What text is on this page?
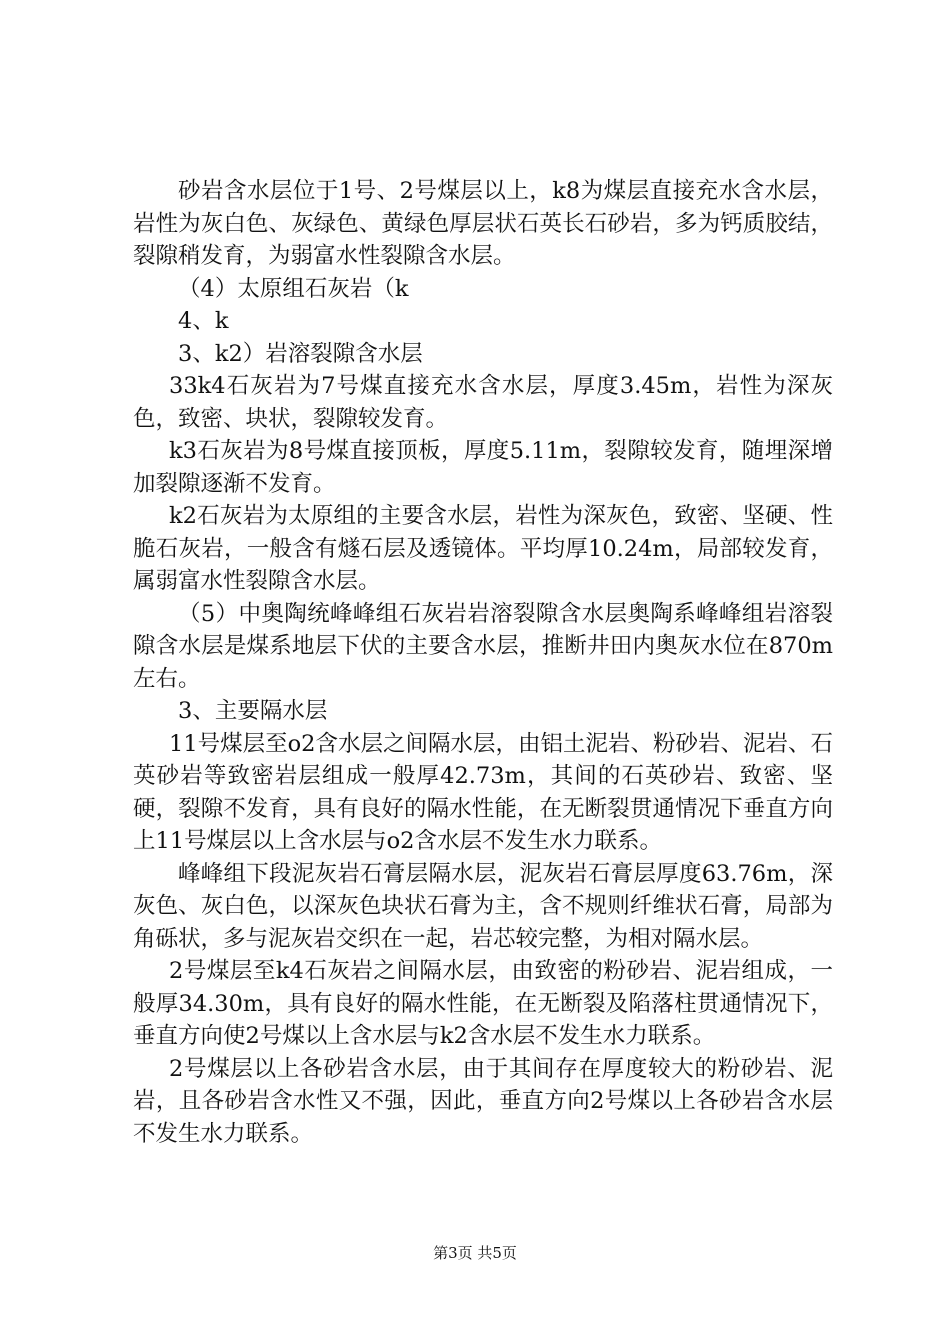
砂岩含水层位于1号、2号煤层以上，k8为煤层直接充水含水层，岩性为灰白色、灰绿色、黄绿色厚层状石英长石砂岩，多为钙质胶结，裂隙稍发育，为弱富水性裂隙含水层。

（4）太原组石灰岩（k

4、k

3、k2）岩溶裂隙含水层

33k4石灰岩为7号煤直接充水含水层，厚度3.45m，岩性为深灰色，致密、块状，裂隙较发育。

k3石灰岩为8号煤直接顶板，厚度5.11m，裂隙较发育，随埋深增加裂隙逐渐不发育。

k2石灰岩为太原组的主要含水层，岩性为深灰色，致密、坚硬、性脆石灰岩，一般含有燧石层及透镜体。平均厚10.24m，局部较发育，属弱富水性裂隙含水层。

（5）中奥陶统峰峰组石灰岩岩溶裂隙含水层奥陶系峰峰组岩溶裂隙含水层是煤系地层下伏的主要含水层，推断井田内奥灰水位在870m左右。

3、主要隔水层

11号煤层至o2含水层之间隔水层，由铝土泥岩、粉砂岩、泥岩、石英砂岩等致密岩层组成一般厚42.73m，其间的石英砂岩、致密、坚硬，裂隙不发育，具有良好的隔水性能，在无断裂贯通情况下垂直方向上11号煤层以上含水层与o2含水层不发生水力联系。

峰峰组下段泥灰岩石膏层隔水层，泥灰岩石膏层厚度63.76m，深灰色、灰白色，以深灰色块状石膏为主，含不规则纤维状石膏，局部为角砾状，多与泥灰岩交织在一起，岩芯较完整，为相对隔水层。

2号煤层至k4石灰岩之间隔水层，由致密的粉砂岩、泥岩组成，一般厚34.30m，具有良好的隔水性能，在无断裂及陷落柱贯通情况下，垂直方向使2号煤以上含水层与k2含水层不发生水力联系。

2号煤层以上各砂岩含水层，由于其间存在厚度较大的粉砂岩、泥岩，且各砂岩含水性又不强，因此，垂直方向2号煤以上各砂岩含水层不发生水力联系。

第3页 共5页
